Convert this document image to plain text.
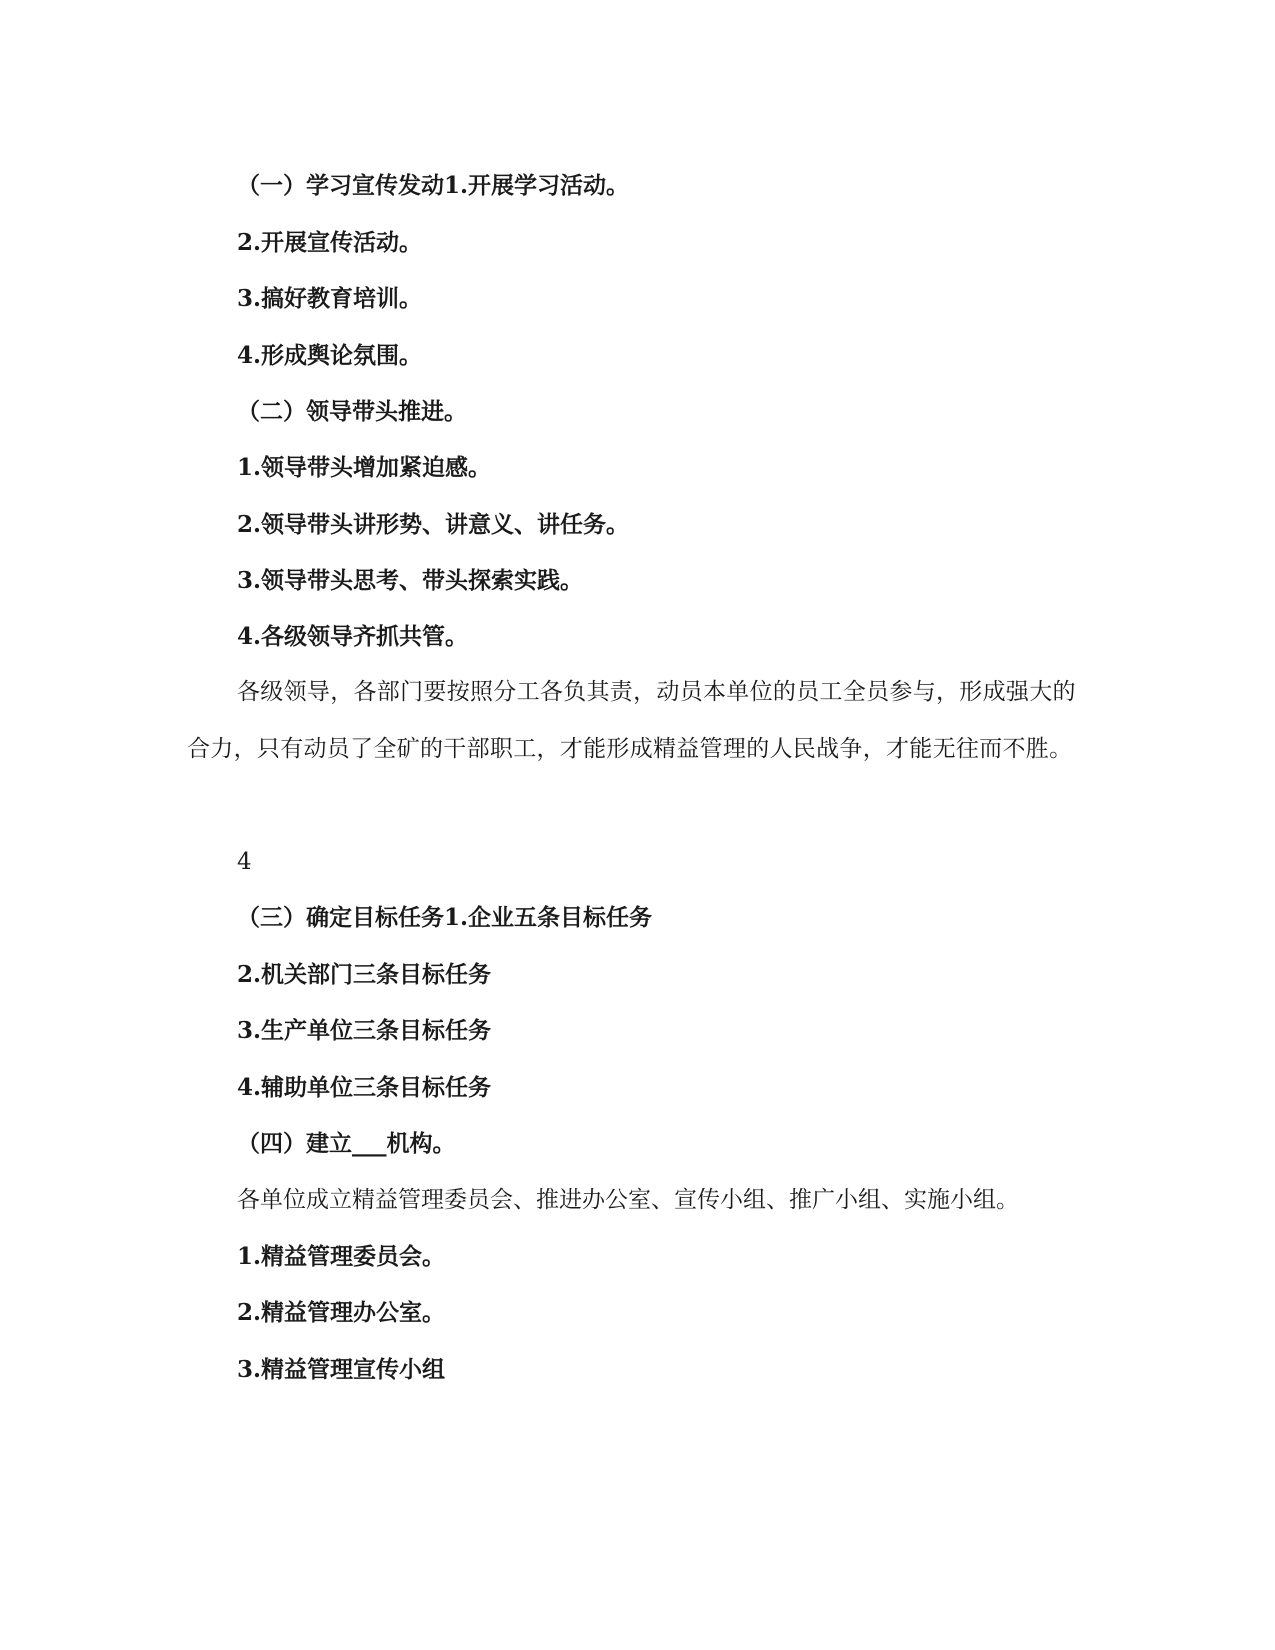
（一）学习宣传发动1.开展学习活动。
2.开展宣传活动。
3.搞好教育培训。
4.形成舆论氛围。
（二）领导带头推进。
1.领导带头增加紧迫感。
2.领导带头讲形势、讲意义、讲任务。
3.领导带头思考、带头探索实践。
4.各级领导齐抓共管。
各级领导，各部门要按照分工各负其责，动员本单位的员工全员参与，形成强大的合力，只有动员了全矿的干部职工，才能形成精益管理的人民战争，才能无往而不胜。
4
（三）确定目标任务1.企业五条目标任务
2.机关部门三条目标任务
3.生产单位三条目标任务
4.辅助单位三条目标任务
（四）建立___机构。
各单位成立精益管理委员会、推进办公室、宣传小组、推广小组、实施小组。
1.精益管理委员会。
2.精益管理办公室。
3.精益管理宣传小组
